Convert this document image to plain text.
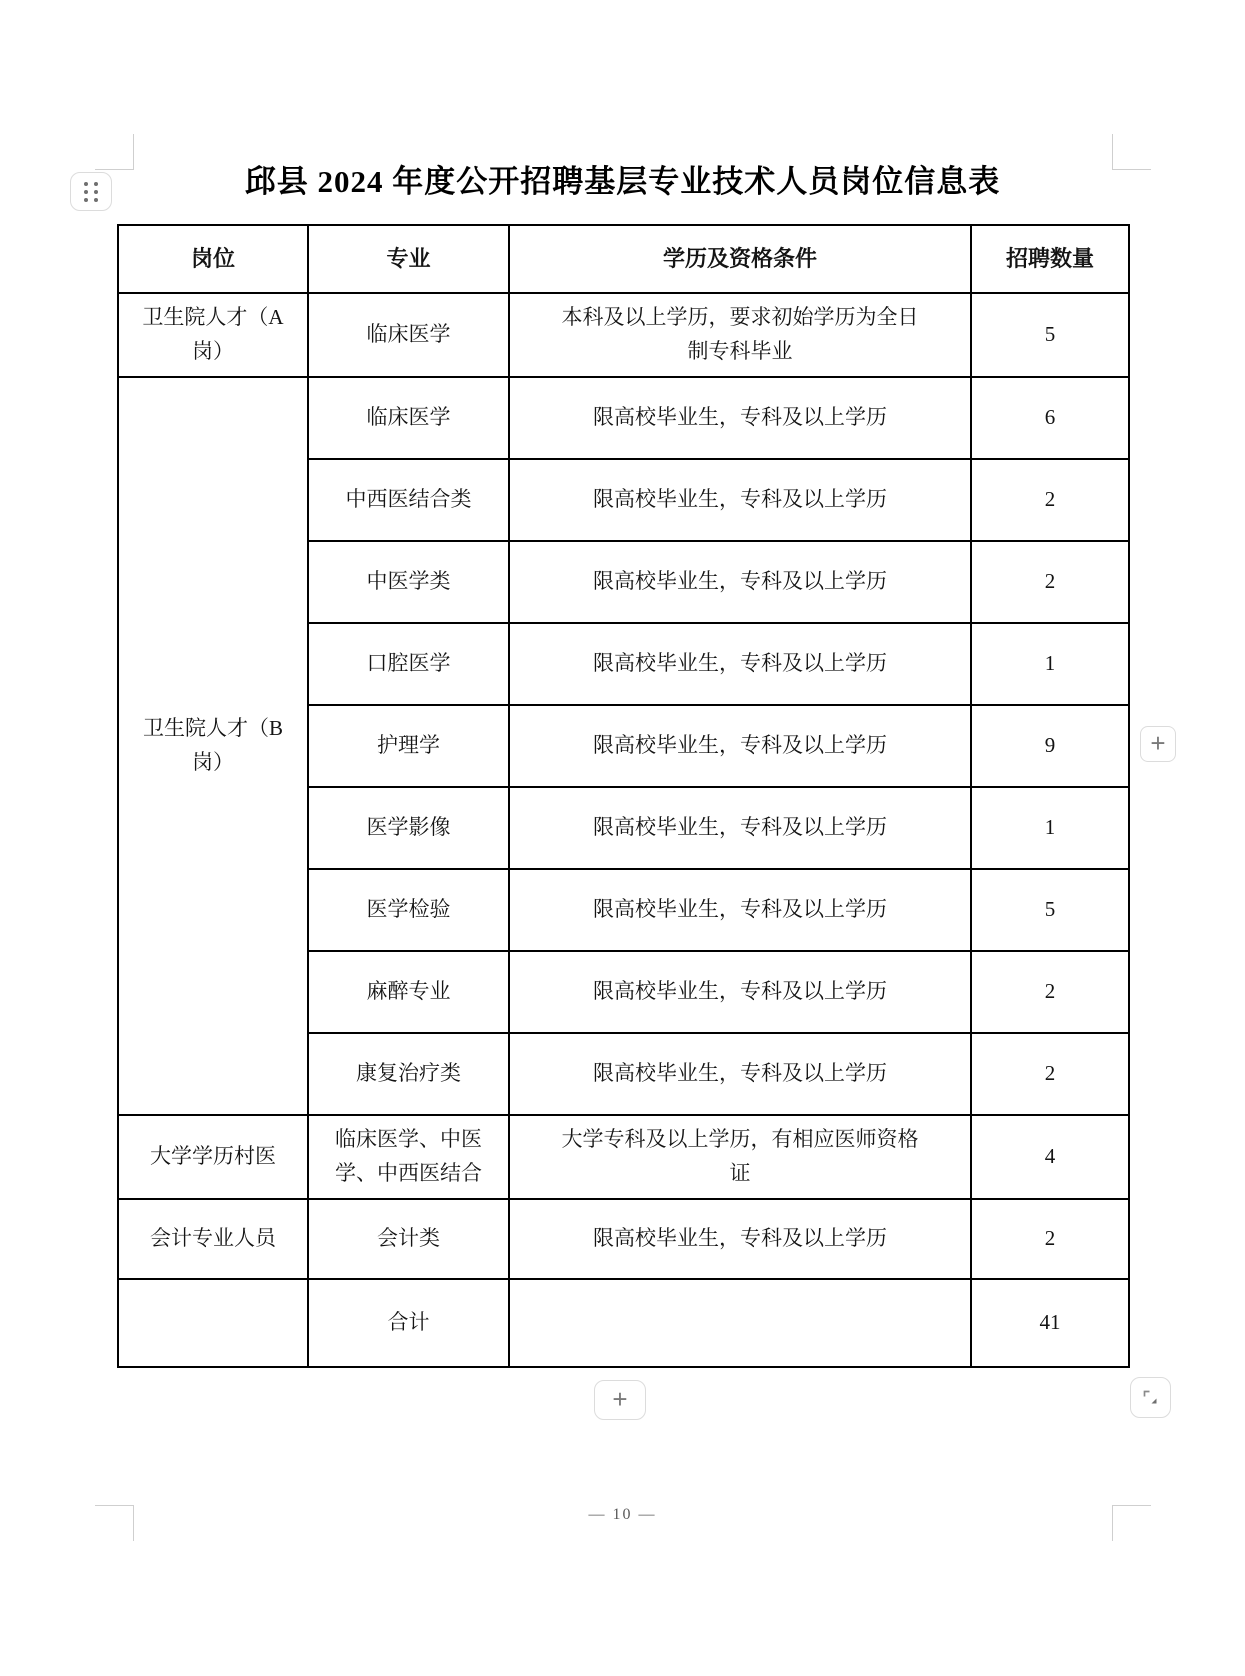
邱县 2024 年度公开招聘基层专业技术人员岗位信息表
岗位	专业	学历及资格条件	招聘数量
卫生院人才（A岗）	临床医学	本科及以上学历，要求初始学历为全日制专科毕业	5
卫生院人才（B岗）	临床医学	限高校毕业生，专科及以上学历	6
	中西医结合类	限高校毕业生，专科及以上学历	2
	中医学类	限高校毕业生，专科及以上学历	2
	口腔医学	限高校毕业生，专科及以上学历	1
	护理学	限高校毕业生，专科及以上学历	9
	医学影像	限高校毕业生，专科及以上学历	1
	医学检验	限高校毕业生，专科及以上学历	5
	麻醉专业	限高校毕业生，专科及以上学历	2
	康复治疗类	限高校毕业生，专科及以上学历	2
大学学历村医	临床医学、中医学、中西医结合	大学专科及以上学历，有相应医师资格证	4
会计专业人员	会计类	限高校毕业生，专科及以上学历	2
	合计		41
+
+
— 10 —
